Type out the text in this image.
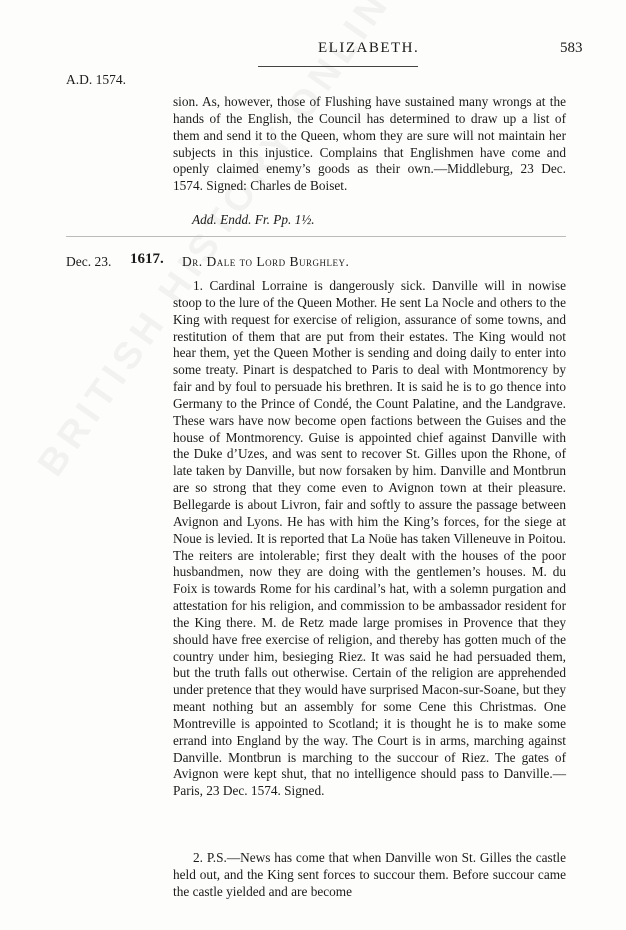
ELIZABETH.	583
A.D. 1574.

sion. As, however, those of Flushing have sustained many wrongs at the hands of the English, the Council has determined to draw up a list of them and send it to the Queen, whom they are sure will not maintain her subjects in this injustice. Complains that Englishmen have come and openly claimed enemy’s goods as their own.—Middleburg, 23 Dec. 1574. Signed: Charles de Boiset.

Add. Endd. Fr. Pp. 1½.
Dec. 23. 1617. Dr. Dale to Lord Burghley.

1. Cardinal Lorraine is dangerously sick. Danville will in nowise stoop to the lure of the Queen Mother. He sent La Nocle and others to the King with request for exercise of religion, assurance of some towns, and restitution of them that are put from their estates. The King would not hear them, yet the Queen Mother is sending and doing daily to enter into some treaty. Pinart is despatched to Paris to deal with Montmorency by fair and by foul to persuade his brethren. It is said he is to go thence into Germany to the Prince of Condé, the Count Palatine, and the Landgrave. These wars have now become open factions between the Guises and the house of Montmorency. Guise is appointed chief against Danville with the Duke d’Uzes, and was sent to recover St. Gilles upon the Rhone, of late taken by Danville, but now forsaken by him. Danville and Montbrun are so strong that they come even to Avignon town at their pleasure. Bellegarde is about Livron, fair and softly to assure the passage between Avignon and Lyons. He has with him the King’s forces, for the siege at Noue is levied. It is reported that La Noüe has taken Villeneuve in Poitou. The reiters are intolerable; first they dealt with the houses of the poor husbandmen, now they are doing with the gentlemen’s houses. M. du Foix is towards Rome for his cardinal’s hat, with a solemn purgation and attestation for his religion, and commission to be ambassador resident for the King there. M. de Retz made large promises in Provence that they should have free exercise of religion, and thereby has gotten much of the country under him, besieging Riez. It was said he had persuaded them, but the truth falls out otherwise. Certain of the religion are apprehended under pretence that they would have surprised Macon-sur-Soane, but they meant nothing but an assembly for some Cene this Christmas. One Montreville is appointed to Scotland; it is thought he is to make some errand into England by the way. The Court is in arms, marching against Danville. Montbrun is marching to the succour of Riez. The gates of Avignon were kept shut, that no intelligence should pass to Danville.—Paris, 23 Dec. 1574. Signed.

2. P.S.—News has come that when Danville won St. Gilles the castle held out, and the King sent forces to succour them. Before succour came the castle yielded and are become
